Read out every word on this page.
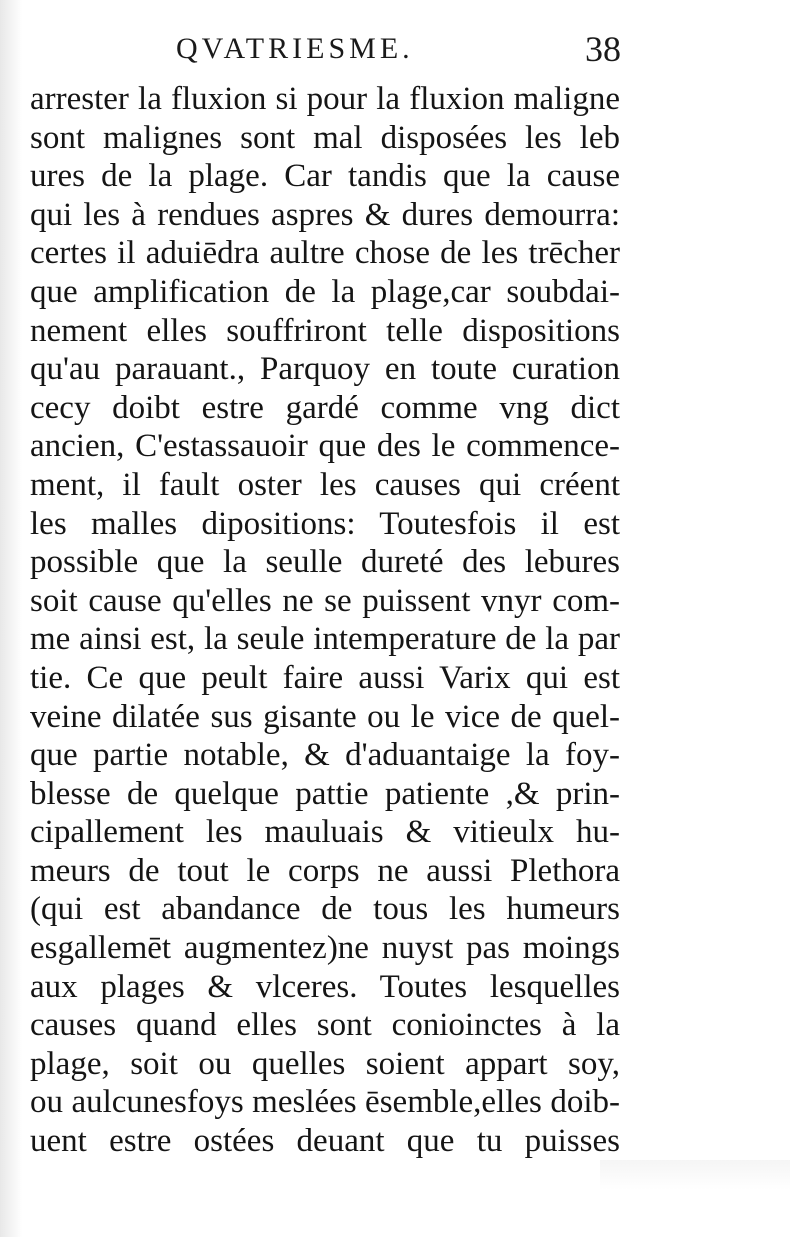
QVATRIESME.	38
arrester la fluxion si pour la fluxion maligne
sont malignes sont mal disposées les leb
ures de la plage. Car tandis que la cause
qui les à rendues aspres & dures demourra:
certes il aduiēdra aultre chose de les trēcher
que amplification de la plage,car soubdai-
nement elles souffriront telle dispositions
qu'au parauant., Parquoy en toute curation
cecy doibt estre gardé comme vng dict
ancien, C'estassauoir que des le commence-
ment, il fault oster les causes qui créent
les malles dipositions: Toutesfois il est
possible que la seulle dureté des lebures
soit cause qu'elles ne se puissent vnyr com-
me ainsi est, la seule intemperature de la par
tie. Ce que peult faire aussi Varix qui est
veine dilatée sus gisante ou le vice de quel-
que partie notable, & d'aduantaige la foy-
blesse de quelque pattie patiente ,& prin-
cipallement les mauluais & vitieulx hu-
meurs de tout le corps ne aussi Plethora
(qui est abandance de tous les humeurs
esgallemēt augmentez)ne nuyst pas moings
aux plages & vlceres. Toutes lesquelles
causes quand elles sont conioinctes à la
plage, soit ou quelles soient appart soy,
ou aulcunesfoys meslées ēsemble,elles doib-
uent estre ostées deuant que tu puisses
